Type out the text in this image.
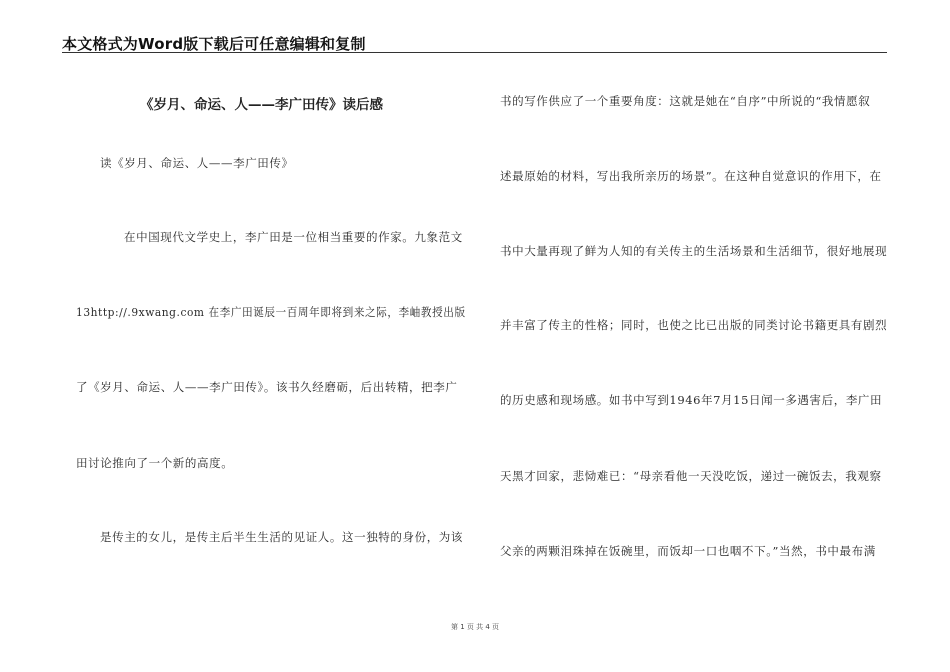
本文格式为Word版下载后可任意编辑和复制
《岁月、命运、人——李广田传》读后感
读《岁月、命运、人——李广田传》
在中国现代文学史上，李广田是一位相当重要的作家。九象范文
13http://.9xwang.com 在李广田诞辰一百周年即将到来之际，李岫教授出版
了《岁月、命运、人——李广田传》。该书久经磨砺，后出转精，把李广
田讨论推向了一个新的高度。
是传主的女儿，是传主后半生生活的见证人。这一独特的身份，为该
书的写作供应了一个重要角度：这就是她在“自序”中所说的“我情愿叙
述最原始的材料，写出我所亲历的场景”。在这种自觉意识的作用下，在
书中大量再现了鲜为人知的有关传主的生活场景和生活细节，很好地展现
并丰富了传主的性格；同时，也使之比已出版的同类讨论书籍更具有剧烈
的历史感和现场感。如书中写到1946年7月15日闻一多遇害后，李广田
天黑才回家，悲恸难已：“母亲看他一天没吃饭，递过一碗饭去，我观察
父亲的两颗泪珠掉在饭碗里，而饭却一口也咽不下。”当然，书中最布满
第 1 页 共 4 页
